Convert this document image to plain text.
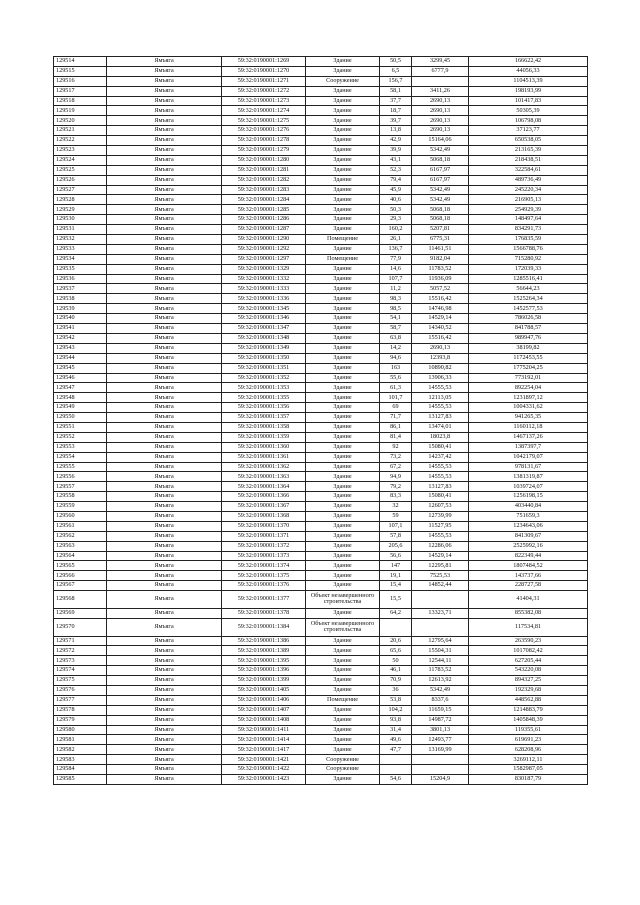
129514	Ямъяга	59:32:0190001:1269	Здание	50,5	3299,45	166622,42
129515	Ямъяга	59:32:0190001:1270	Здание	6,5	6777,9	44056,33
129516	Ямъяга	59:32:0190001:1271	Сооружение	156,7		1104513,39
129517	Ямъяга	59:32:0190001:1272	Здание	58,1	3411,26	198193,99
129518	Ямъяга	59:32:0190001:1273	Здание	37,7	2690,13	101417,83
129519	Ямъяга	59:32:0190001:1274	Здание	18,7	2690,13	50305,39
129520	Ямъяга	59:32:0190001:1275	Здание	39,7	2690,13	106798,08
129521	Ямъяга	59:32:0190001:1276	Здание	13,8	2690,13	37123,77
129522	Ямъяга	59:32:0190001:1278	Здание	42,9	15164,06	650538,05
129523	Ямъяга	59:32:0190001:1279	Здание	39,9	5342,49	213165,39
129524	Ямъяга	59:32:0190001:1280	Здание	43,1	5068,18	218438,51
129525	Ямъяга	59:32:0190001:1281	Здание	52,3	6167,97	322584,61
129526	Ямъяга	59:32:0190001:1282	Здание	79,4	6167,97	489736,49
129527	Ямъяга	59:32:0190001:1283	Здание	45,9	5342,49	245220,34
129528	Ямъяга	59:32:0190001:1284	Здание	40,6	5342,49	216905,13
129529	Ямъяга	59:32:0190001:1285	Здание	50,3	5068,18	254929,39
129530	Ямъяга	59:32:0190001:1286	Здание	29,3	5068,18	148497,64
129531	Ямъяга	59:32:0190001:1287	Здание	160,2	5207,81	834291,73
129532	Ямъяга	59:32:0190001:1290	Помещение	26,1	6775,31	176835,59
129533	Ямъяга	59:32:0190001:1292	Здание	136,7	11461,51	1566788,76
129534	Ямъяга	59:32:0190001:1297	Помещение	77,9	9182,04	715280,92
129535	Ямъяга	59:32:0190001:1329	Здание	14,6	11783,52	172039,33
129536	Ямъяга	59:32:0190001:1332	Здание	107,7	11936,09	1285516,41
129537	Ямъяга	59:32:0190001:1333	Здание	11,2	5057,52	56644,23
129538	Ямъяга	59:32:0190001:1336	Здание	98,3	15516,42	1525264,34
129539	Ямъяга	59:32:0190001:1345	Здание	98,5	14746,98	1452577,53
129540	Ямъяга	59:32:0190001:1346	Здание	54,1	14529,14	786026,58
129541	Ямъяга	59:32:0190001:1347	Здание	58,7	14340,52	841788,57
129542	Ямъяга	59:32:0190001:1348	Здание	63,8	15516,42	989947,76
129543	Ямъяга	59:32:0190001:1349	Здание	14,2	2690,13	38199,82
129544	Ямъяга	59:32:0190001:1350	Здание	94,6	12393,8	1172453,55
129545	Ямъяга	59:32:0190001:1351	Здание	163	10890,82	1775204,25
129546	Ямъяга	59:32:0190001:1352	Здание	55,6	13906,33	773192,01
129547	Ямъяга	59:32:0190001:1353	Здание	61,3	14555,53	892254,04
129548	Ямъяга	59:32:0190001:1355	Здание	101,7	12113,05	1231897,12
129549	Ямъяга	59:32:0190001:1356	Здание	69	14555,53	1004331,62
129550	Ямъяга	59:32:0190001:1357	Здание	71,7	13127,83	941265,35
129551	Ямъяга	59:32:0190001:1358	Здание	86,1	13474,01	1160112,18
129552	Ямъяга	59:32:0190001:1359	Здание	81,4	18023,8	1467137,26
129553	Ямъяга	59:32:0190001:1360	Здание	92	15080,41	1387397,7
129554	Ямъяга	59:32:0190001:1361	Здание	73,2	14237,42	1042179,07
129555	Ямъяга	59:32:0190001:1362	Здание	67,2	14555,53	978131,67
129556	Ямъяга	59:32:0190001:1363	Здание	94,9	14555,53	1381319,87
129557	Ямъяга	59:32:0190001:1364	Здание	79,2	13127,83	1039724,07
129558	Ямъяга	59:32:0190001:1366	Здание	83,3	15080,41	1256198,15
129559	Ямъяга	59:32:0190001:1367	Здание	32	12607,53	403440,84
129560	Ямъяга	59:32:0190001:1368	Здание	59	12739,99	751659,3
129561	Ямъяга	59:32:0190001:1370	Здание	107,1	11527,95	1234643,06
129562	Ямъяга	59:32:0190001:1371	Здание	57,8	14555,53	841309,67
129563	Ямъяга	59:32:0190001:1372	Здание	205,6	12286,06	2525992,16
129564	Ямъяга	59:32:0190001:1373	Здание	56,6	14529,14	822349,44
129565	Ямъяга	59:32:0190001:1374	Здание	147	12295,81	1807484,52
129566	Ямъяга	59:32:0190001:1375	Здание	19,1	7525,53	143737,66
129567	Ямъяга	59:32:0190001:1376	Здание	15,4	14852,44	228727,58
129568	Ямъяга	59:32:0190001:1377	Объект незавершенного строительства	15,5		41404,31
129569	Ямъяга	59:32:0190001:1378	Здание	64,2	13323,71	855382,08
129570	Ямъяга	59:32:0190001:1384	Объект незавершенного строительства			117534,81
129571	Ямъяга	59:32:0190001:1386	Здание	20,6	12795,64	263590,23
129572	Ямъяга	59:32:0190001:1389	Здание	65,6	15504,31	1017082,42
129573	Ямъяга	59:32:0190001:1395	Здание	50	12544,11	627205,44
129574	Ямъяга	59:32:0190001:1396	Здание	46,1	11783,52	543220,08
129575	Ямъяга	59:32:0190001:1399	Здание	70,9	12613,92	894327,25
129576	Ямъяга	59:32:0190001:1405	Здание	36	5342,49	192329,68
129577	Ямъяга	59:32:0190001:1406	Помещение	53,8	8337,6	448562,88
129578	Ямъяга	59:32:0190001:1407	Здание	104,2	11659,15	1214883,79
129579	Ямъяга	59:32:0190001:1408	Здание	93,8	14987,72	1405848,39
129580	Ямъяга	59:32:0190001:1411	Здание	31,4	3801,13	119355,61
129581	Ямъяга	59:32:0190001:1414	Здание	49,6	12493,77	619691,23
129582	Ямъяга	59:32:0190001:1417	Здание	47,7	13169,99	628208,96
129583	Ямъяга	59:32:0190001:1421	Сооружение			3269112,11
129584	Ямъяга	59:32:0190001:1422	Сооружение			1582987,05
129585	Ямъяга	59:32:0190001:1423	Здание	54,6	15204,9	830187,79
